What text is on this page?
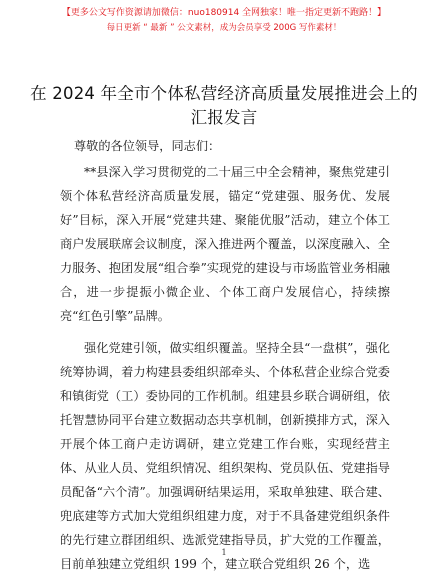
【更多公文写作资源请加微信：nuo180914 全网独家！唯一指定更新不跑路！】
每日更新 “ 最新 ” 公文素材，成为会员享受 200G 写作素材！
在 2024 年全市个体私营经济高质量发展推进会上的汇报发言

尊敬的各位领导，同志们：

**县深入学习贯彻党的二十届三中全会精神，聚焦党建引领个体私营经济高质量发展，锚定“党建强、服务优、发展好”目标，深入开展“党建共建、聚能优服”活动，建立个体工商户发展联席会议制度，深入推进两个覆盖，以深度融入、全力服务、抱团发展“组合拳”实现党的建设与市场监管业务相融合，进一步提振小微企业、个体工商户发展信心，持续擦亮“红色引擎”品牌。

强化党建引领，做实组织覆盖。坚持全县“一盘棋”，强化统筹协调，着力构建县委组织部牵头、个体私营企业综合党委和镇街党（工）委协同的工作机制。组建县乡联合调研组，依托智慧协同平台建立数据动态共享机制，创新摸排方式，深入开展个体工商户走访调研，建立党建工作台账，实现经营主体、从业人员、党组织情况、组织架构、党员队伍、党建指导员配备“六个清”。加强调研结果运用，采取单独建、联合建、兜底建等方式加大党组织组建力度，对于不具备建党组织条件的先行建立群团组织、选派党建指导员，扩大党的工作覆盖，目前单独建立党组织 199 个，建立联合党组织 26 个，选

1
